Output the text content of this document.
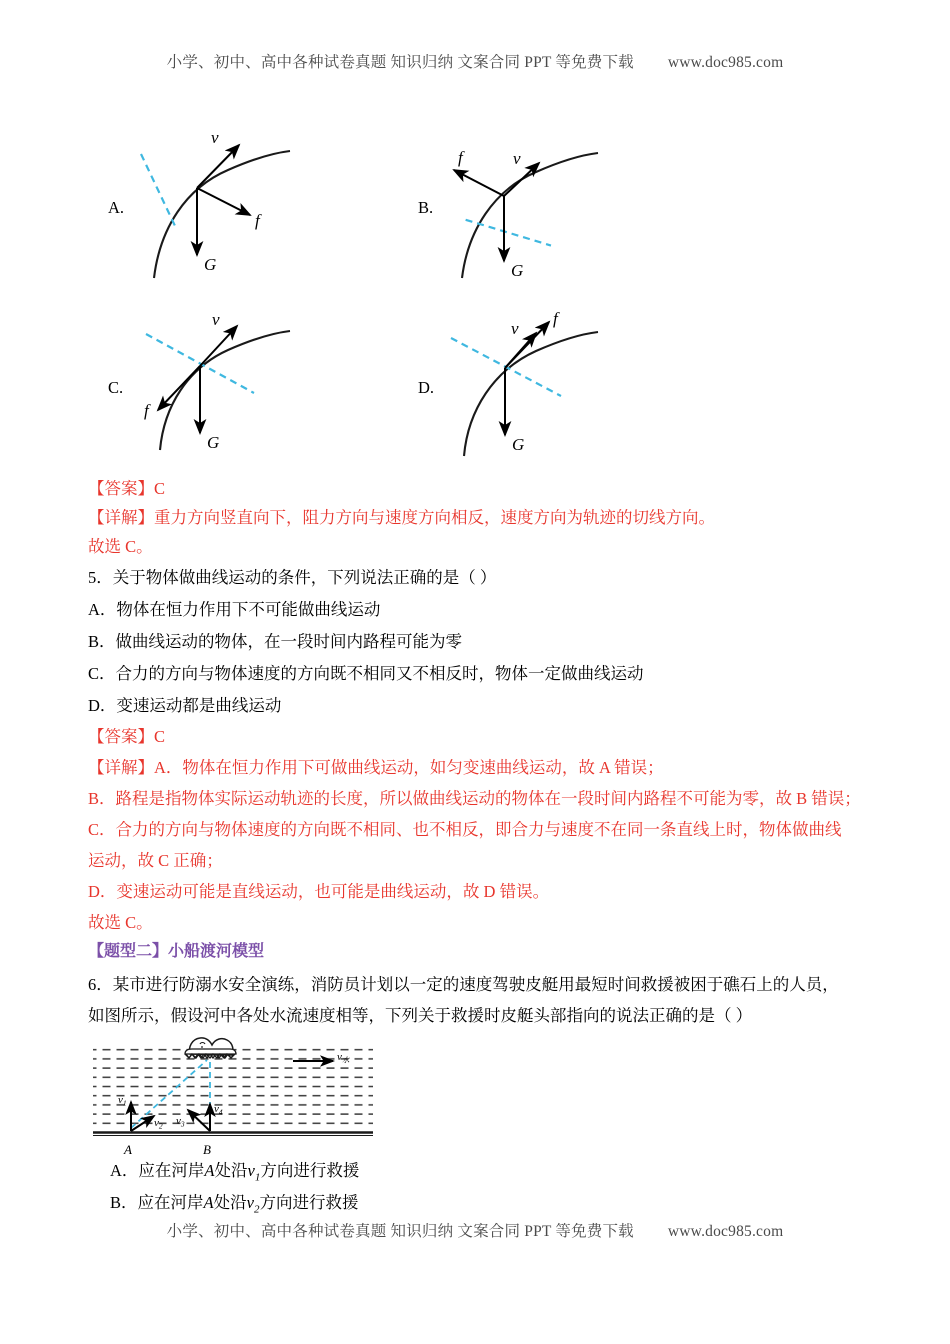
小学、初中、高中各种试卷真题 知识归纳 文案合同 PPT 等免费下载 www.doc985.com
A.
v
f
G
B.
v
f
G
C.
v
f
G
D.
v
f
G
【答案】C
【详解】重力方向竖直向下，阻力方向与速度方向相反，速度方向为轨迹的切线方向。
故选 C。
5．关于物体做曲线运动的条件，下列说法正确的是（ ）
A．物体在恒力作用下不可能做曲线运动
B．做曲线运动的物体，在一段时间内路程可能为零
C．合力的方向与物体速度的方向既不相同又不相反时，物体一定做曲线运动
D．变速运动都是曲线运动
【答案】C
【详解】A．物体在恒力作用下可做曲线运动，如匀变速曲线运动，故 A 错误；
B．路程是指物体实际运动轨迹的长度，所以做曲线运动的物体在一段时间内路程不可能为零，故 B 错误；
C．合力的方向与物体速度的方向既不相同、也不相反，即合力与速度不在同一条直线上时，物体做曲线
运动，故 C 正确；
D．变速运动可能是直线运动，也可能是曲线运动，故 D 错误。
故选 C。
【题型二】小船渡河模型
6．某市进行防溺水安全演练，消防员计划以一定的速度驾驶皮艇用最短时间救援被困于礁石上的人员，
如图所示，假设河中各处水流速度相等，下列关于救援时皮艇头部指向的说法正确的是（ ）
$v_水$
$v_1$
$v_2$
A
$v_3$
$v_4$
B
A．应在河岸A处沿$v_1$方向进行救援
B．应在河岸A处沿$v_2$方向进行救援
小学、初中、高中各种试卷真题 知识归纳 文案合同 PPT 等免费下载 www.doc985.com
